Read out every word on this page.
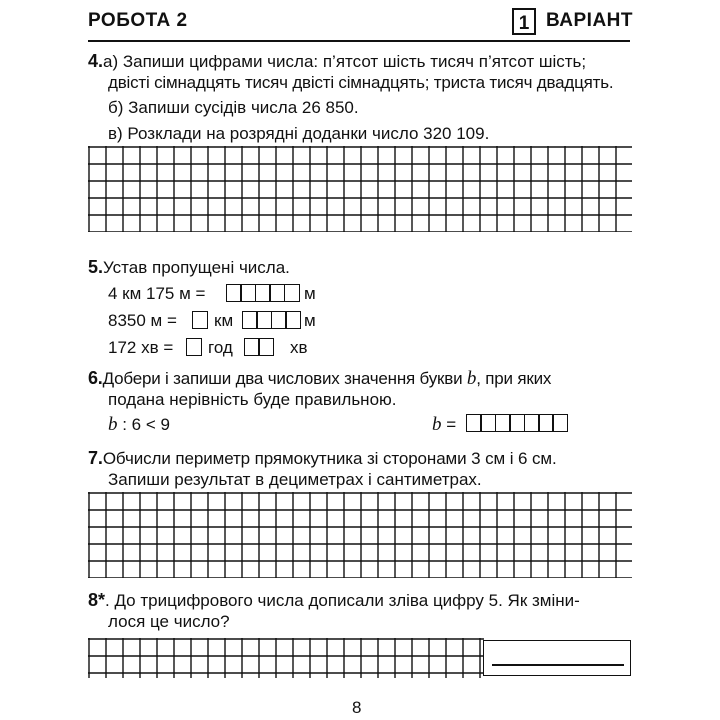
РОБОТА 2	1 ВАРІАНТ
4.а) Запиши цифрами числа: п’ятсот шість тисяч п’ятсот шість;
двісті сімнадцять тисяч двісті сімнадцять; триста тисяч двадцять.
б) Запиши сусідів числа 26 850.
в) Розклади на розрядні доданки число 320 109.
5.Устав пропущені числа.
4 км 175 м =	м
8350 м = км	м
172 хв = год	хв
6.Добери і запиши два числових значення букви b, при яких
подана нерівність буде правильною.
b : 6 < 9	b =
7.Обчисли периметр прямокутника зі сторонами 3 см і 6 см.
Запиши результат в дециметрах і сантиметрах.
8*. До трицифрового числа дописали зліва цифру 5. Як зміни-
лося це число?
8
